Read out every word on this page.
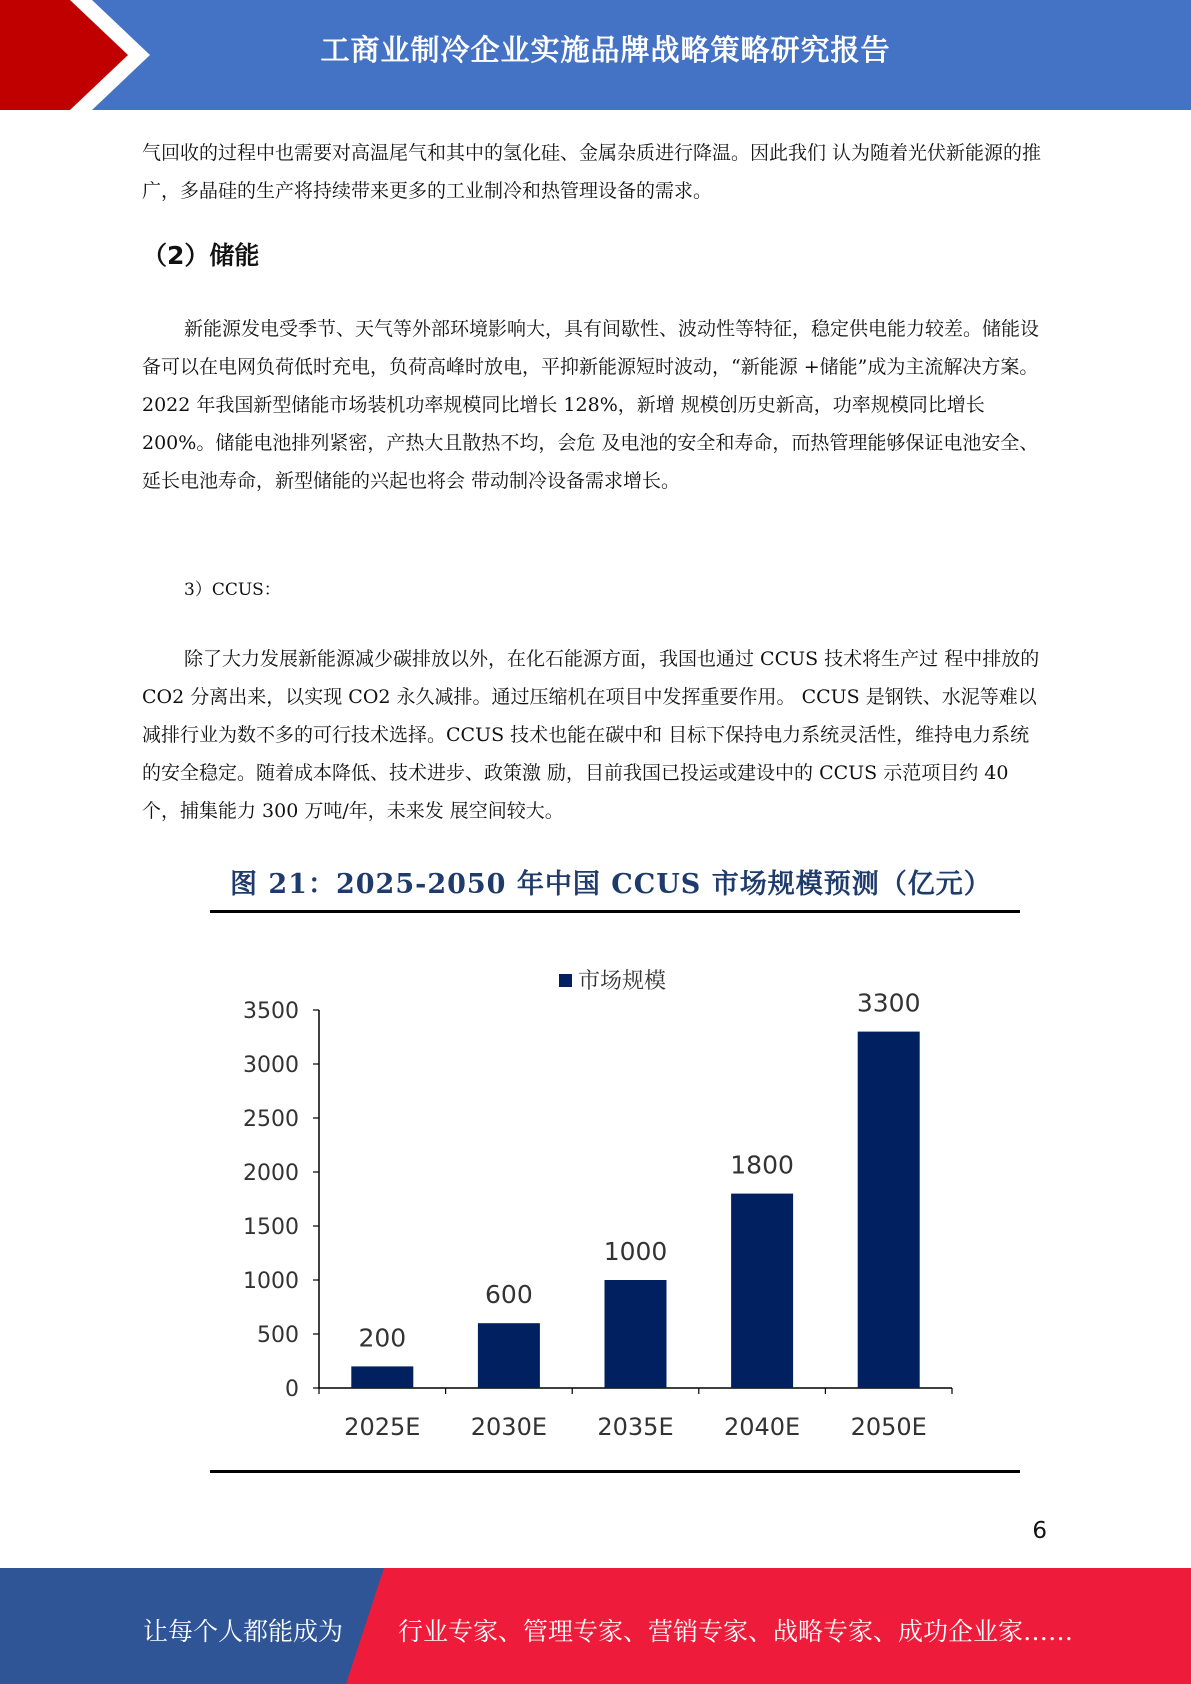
工商业制冷企业实施品牌战略策略研究报告

气回收的过程中也需要对高温尾气和其中的氢化硅、金属杂质进行降温。因此我们 认为随着光伏新能源的推广，多晶硅的生产将持续带来更多的工业制冷和热管理设备的需求。

（2）储能

新能源发电受季节、天气等外部环境影响大，具有间歇性、波动性等特征，稳定供电能力较差。储能设备可以在电网负荷低时充电，负荷高峰时放电，平抑新能源短时波动，“新能源 +储能”成为主流解决方案。2022 年我国新型储能市场装机功率规模同比增长 128%，新增 规模创历史新高，功率规模同比增长 200%。储能电池排列紧密，产热大且散热不均，会危 及电池的安全和寿命，而热管理能够保证电池安全、延长电池寿命，新型储能的兴起也将会 带动制冷设备需求增长。

3）CCUS：

除了大力发展新能源减少碳排放以外，在化石能源方面，我国也通过 CCUS 技术将生产过 程中排放的 CO2 分离出来，以实现 CO2 永久减排。通过压缩机在项目中发挥重要作用。 CCUS 是钢铁、水泥等难以减排行业为数不多的可行技术选择。CCUS 技术也能在碳中和 目标下保持电力系统灵活性，维持电力系统的安全稳定。随着成本降低、技术进步、政策激 励，目前我国已投运或建设中的 CCUS 示范项目约 40 个，捕集能力 300 万吨/年，未来发 展空间较大。

图 21：2025-2050 年中国 CCUS 市场规模预测（亿元）
市场规模
0
500
1000
1500
2000
2500
3000
3500
200
2025E
600
2030E
1000
2035E
1800
2040E
3300
2050E
6
让每个人都能成为 行业专家、管理专家、营销专家、战略专家、成功企业家……
